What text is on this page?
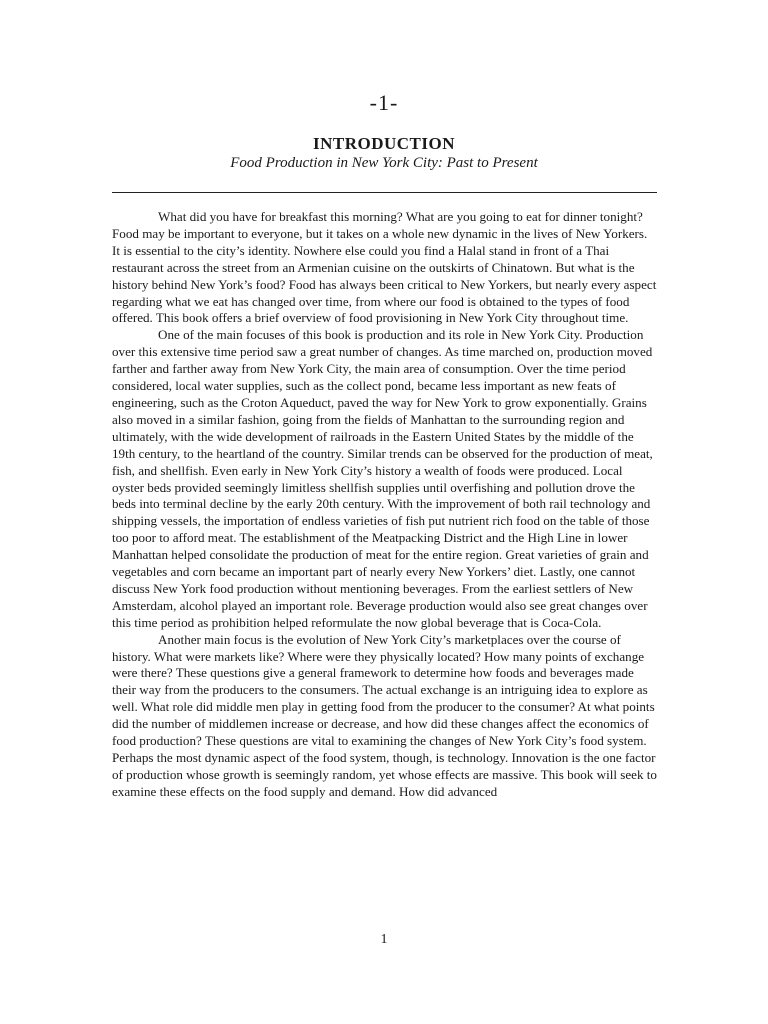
-1-
INTRODUCTION
Food Production in New York City: Past to Present

What did you have for breakfast this morning? What are you going to eat for dinner tonight? Food may be important to everyone, but it takes on a whole new dynamic in the lives of New Yorkers. It is essential to the city’s identity. Nowhere else could you find a Halal stand in front of a Thai restaurant across the street from an Armenian cuisine on the outskirts of Chinatown. But what is the history behind New York’s food? Food has always been critical to New Yorkers, but nearly every aspect regarding what we eat has changed over time, from where our food is obtained to the types of food offered. This book offers a brief overview of food provisioning in New York City throughout time.

One of the main focuses of this book is production and its role in New York City. Production over this extensive time period saw a great number of changes. As time marched on, production moved farther and farther away from New York City, the main area of consumption. Over the time period considered, local water supplies, such as the collect pond, became less important as new feats of engineering, such as the Croton Aqueduct, paved the way for New York to grow exponentially. Grains also moved in a similar fashion, going from the fields of Manhattan to the surrounding region and ultimately, with the wide development of railroads in the Eastern United States by the middle of the 19th century, to the heartland of the country. Similar trends can be observed for the production of meat, fish, and shellfish. Even early in New York City’s history a wealth of foods were produced. Local oyster beds provided seemingly limitless shellfish supplies until overfishing and pollution drove the beds into terminal decline by the early 20th century. With the improvement of both rail technology and shipping vessels, the importation of endless varieties of fish put nutrient rich food on the table of those too poor to afford meat. The establishment of the Meatpacking District and the High Line in lower Manhattan helped consolidate the production of meat for the entire region. Great varieties of grain and vegetables and corn became an important part of nearly every New Yorkers’ diet. Lastly, one cannot discuss New York food production without mentioning beverages. From the earliest settlers of New Amsterdam, alcohol played an important role. Beverage production would also see great changes over this time period as prohibition helped reformulate the now global beverage that is Coca-Cola.

Another main focus is the evolution of New York City’s marketplaces over the course of history. What were markets like? Where were they physically located? How many points of exchange were there? These questions give a general framework to determine how foods and beverages made their way from the producers to the consumers. The actual exchange is an intriguing idea to explore as well. What role did middle men play in getting food from the producer to the consumer? At what points did the number of middlemen increase or decrease, and how did these changes affect the economics of food production? These questions are vital to examining the changes of New York City’s food system. Perhaps the most dynamic aspect of the food system, though, is technology. Innovation is the one factor of production whose growth is seemingly random, yet whose effects are massive. This book will seek to examine these effects on the food supply and demand. How did advanced

1
